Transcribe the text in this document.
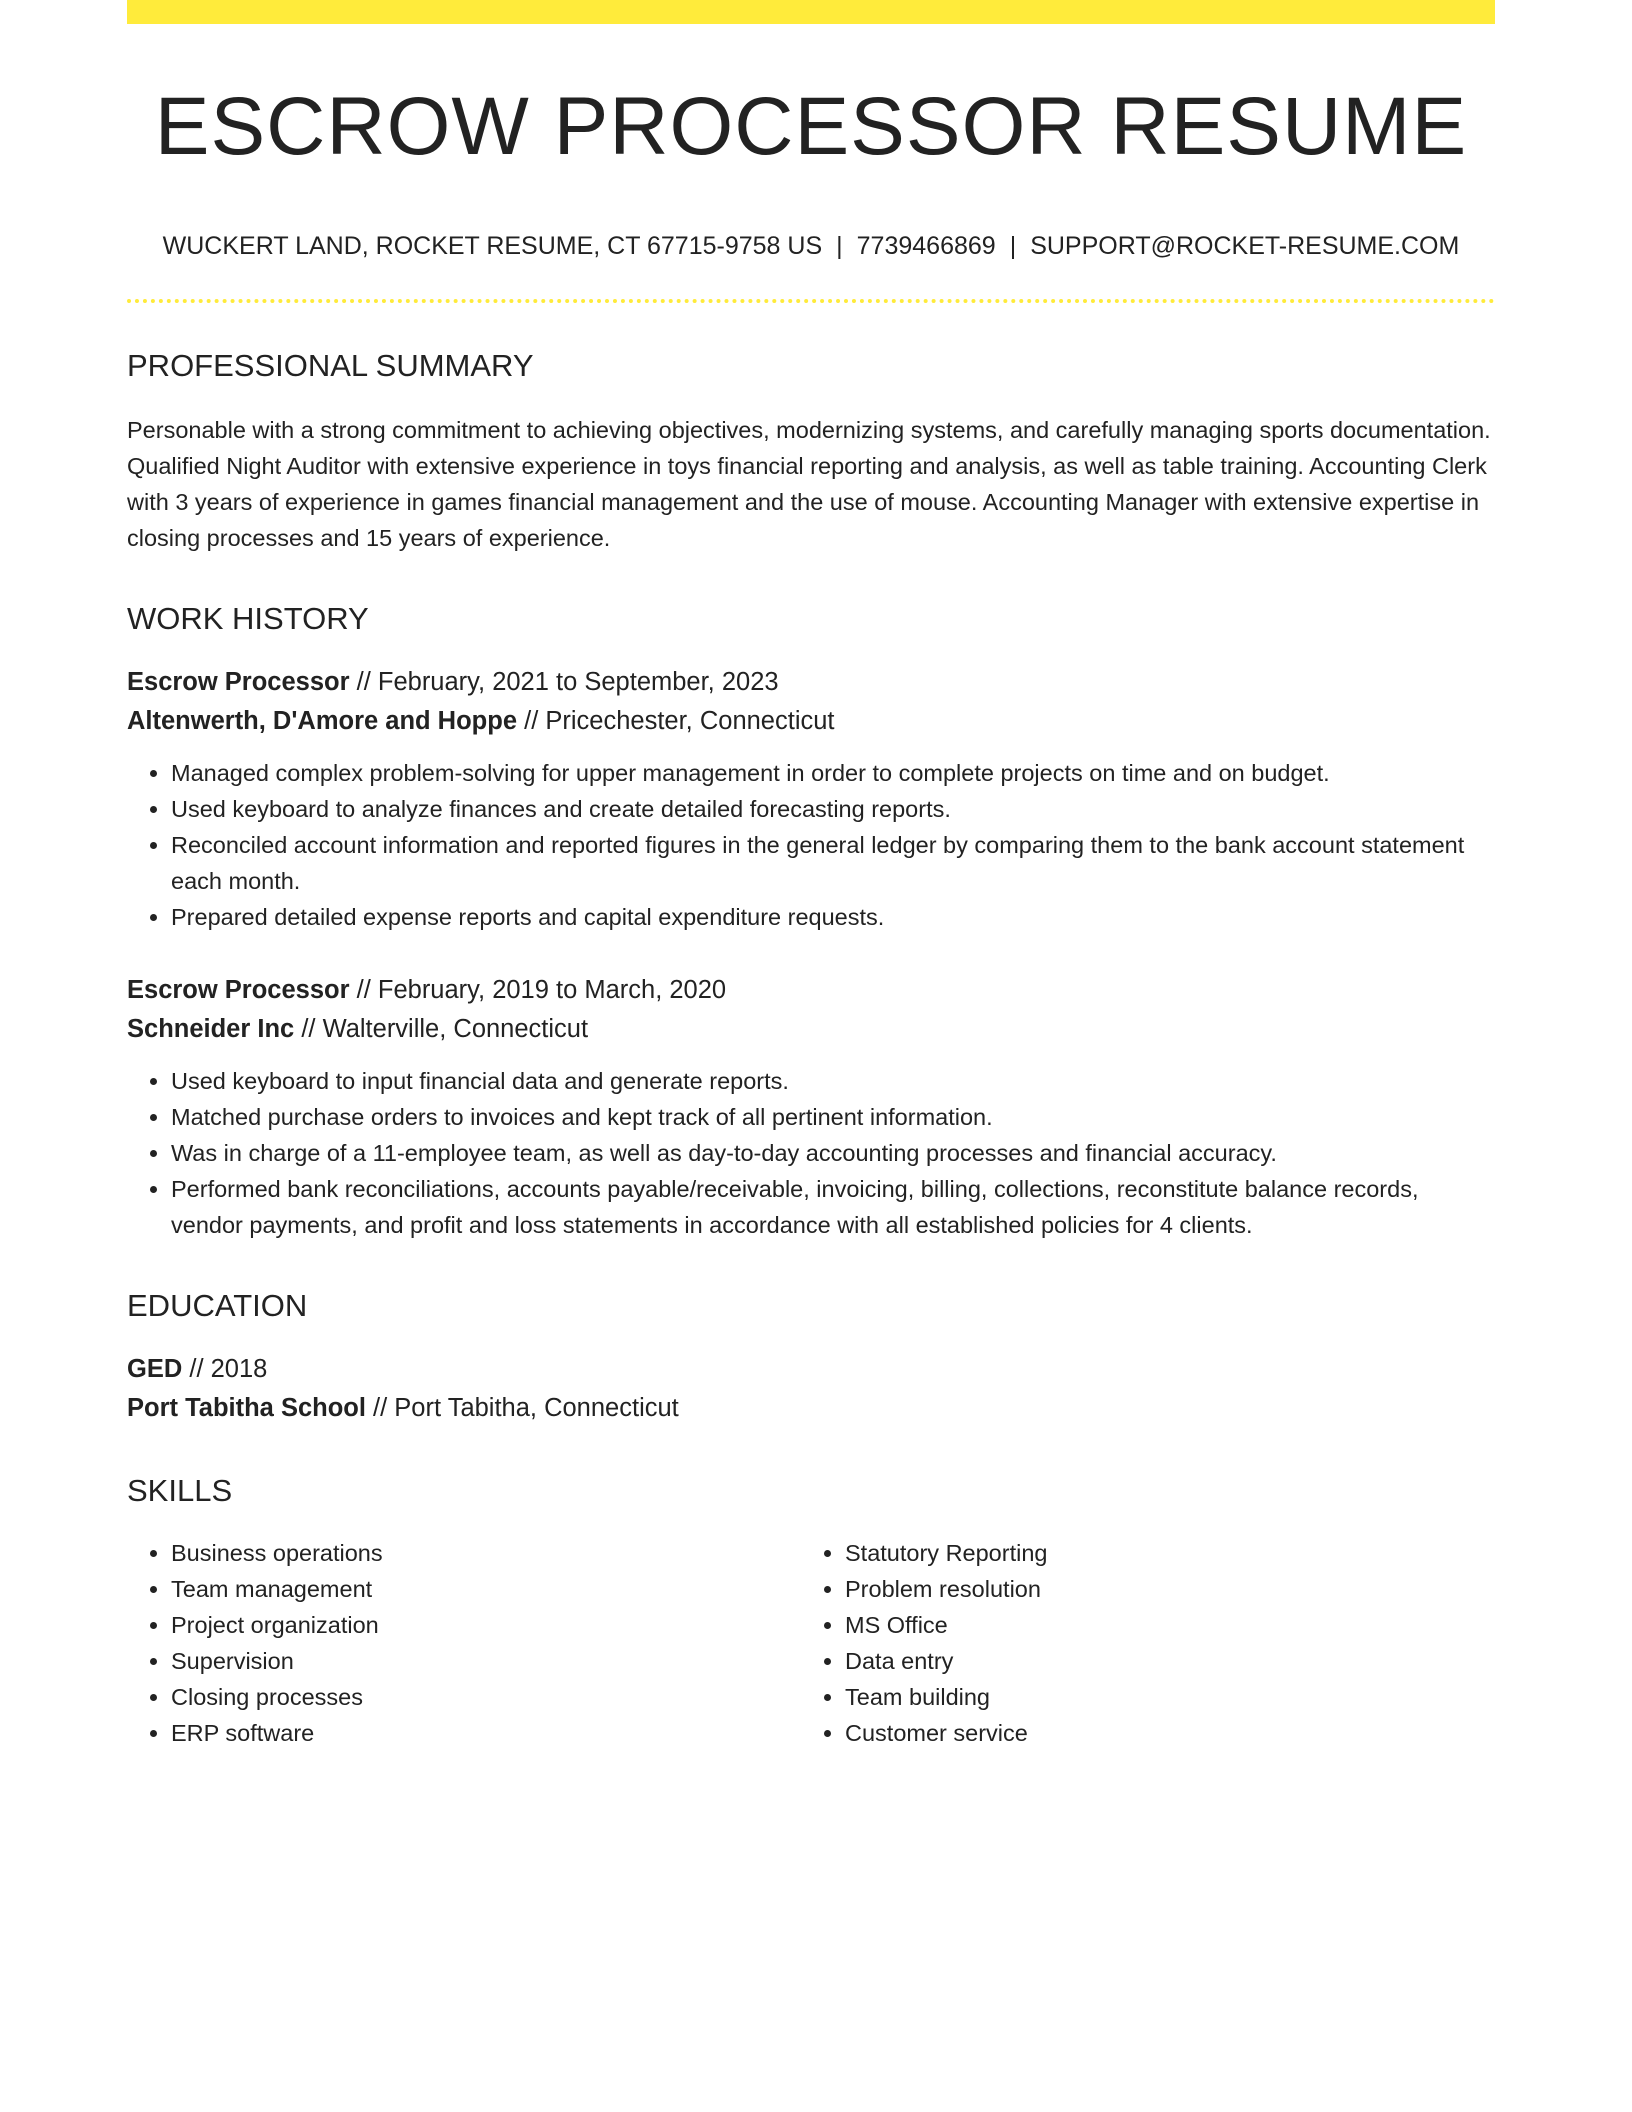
ESCROW PROCESSOR RESUME
WUCKERT LAND, ROCKET RESUME, CT 67715-9758 US | 7739466869 | SUPPORT@ROCKET-RESUME.COM
PROFESSIONAL SUMMARY

Personable with a strong commitment to achieving objectives, modernizing systems, and carefully managing sports documentation. Qualified Night Auditor with extensive experience in toys financial reporting and analysis, as well as table training. Accounting Clerk with 3 years of experience in games financial management and the use of mouse. Accounting Manager with extensive expertise in closing processes and 15 years of experience.

WORK HISTORY
Escrow Processor // February, 2021 to September, 2023
Altenwerth, D'Amore and Hoppe // Pricechester, Connecticut
• Managed complex problem-solving for upper management in order to complete projects on time and on budget.
• Used keyboard to analyze finances and create detailed forecasting reports.
• Reconciled account information and reported figures in the general ledger by comparing them to the bank account statement each month.
• Prepared detailed expense reports and capital expenditure requests.
Escrow Processor // February, 2019 to March, 2020
Schneider Inc // Walterville, Connecticut
• Used keyboard to input financial data and generate reports.
• Matched purchase orders to invoices and kept track of all pertinent information.
• Was in charge of a 11-employee team, as well as day-to-day accounting processes and financial accuracy.
• Performed bank reconciliations, accounts payable/receivable, invoicing, billing, collections, reconstitute balance records, vendor payments, and profit and loss statements in accordance with all established policies for 4 clients.
EDUCATION
GED // 2018
Port Tabitha School // Port Tabitha, Connecticut
SKILLS
• Business operations
• Team management
• Project organization
• Supervision
• Closing processes
• ERP software
• Statutory Reporting
• Problem resolution
• MS Office
• Data entry
• Team building
• Customer service
